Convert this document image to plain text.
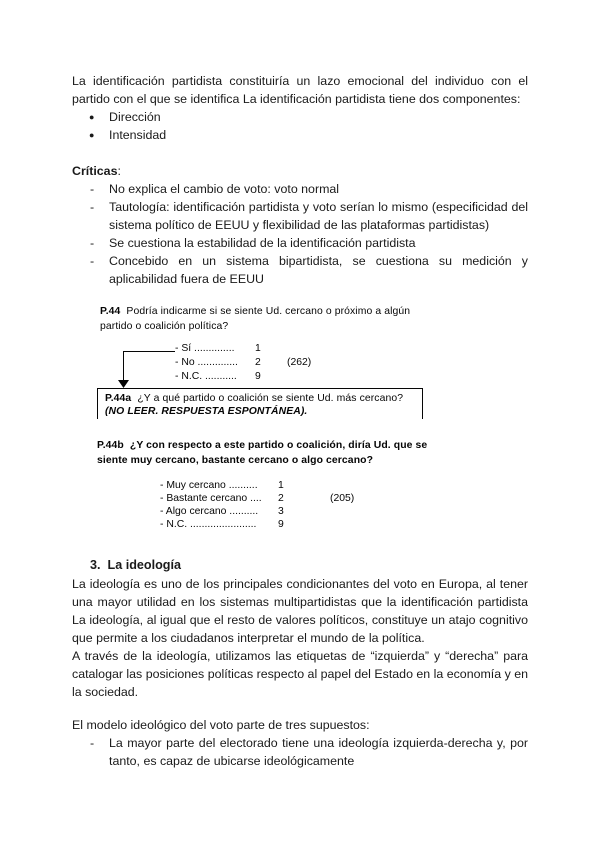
La identificación partidista constituiría un lazo emocional del individuo con el partido con el que se identifica La identificación partidista tiene dos componentes:

● Dirección
● Intensidad

Críticas:

- No explica el cambio de voto: voto normal
- Tautología: identificación partidista y voto serían lo mismo (especificidad del sistema político de EEUU y flexibilidad de las plataformas partidistas)
- Se cuestiona la estabilidad de la identificación partidista
- Concebido en un sistema bipartidista, se cuestiona su medición y aplicabilidad fuera de EEUU
P.44 Podría indicarme si se siente Ud. cercano o próximo a algún
partido o coalición política?
- Sí .............. 1
- No .............. 2
- N.C. ........... 9
(262)
P.44a ¿Y a qué partido o coalición se siente Ud. más cercano?
(NO LEER. RESPUESTA ESPONTÁNEA).
P.44b ¿Y con respecto a este partido o coalición, diría Ud. que se
siente muy cercano, bastante cercano o algo cercano?
- Muy cercano .......... 1
- Bastante cercano .... 2
- Algo cercano .......... 3
- N.C. ....................... 9
(205)
3. La ideología

La ideología es uno de los principales condicionantes del voto en Europa, al tener una mayor utilidad en los sistemas multipartidistas que la identificación partidista La ideología, al igual que el resto de valores políticos, constituye un atajo cognitivo que permite a los ciudadanos interpretar el mundo de la política.

A través de la ideología, utilizamos las etiquetas de “izquierda” y “derecha” para catalogar las posiciones políticas respecto al papel del Estado en la economía y en la sociedad.

El modelo ideológico del voto parte de tres supuestos:

- La mayor parte del electorado tiene una ideología izquierda-derecha y, por tanto, es capaz de ubicarse ideológicamente
